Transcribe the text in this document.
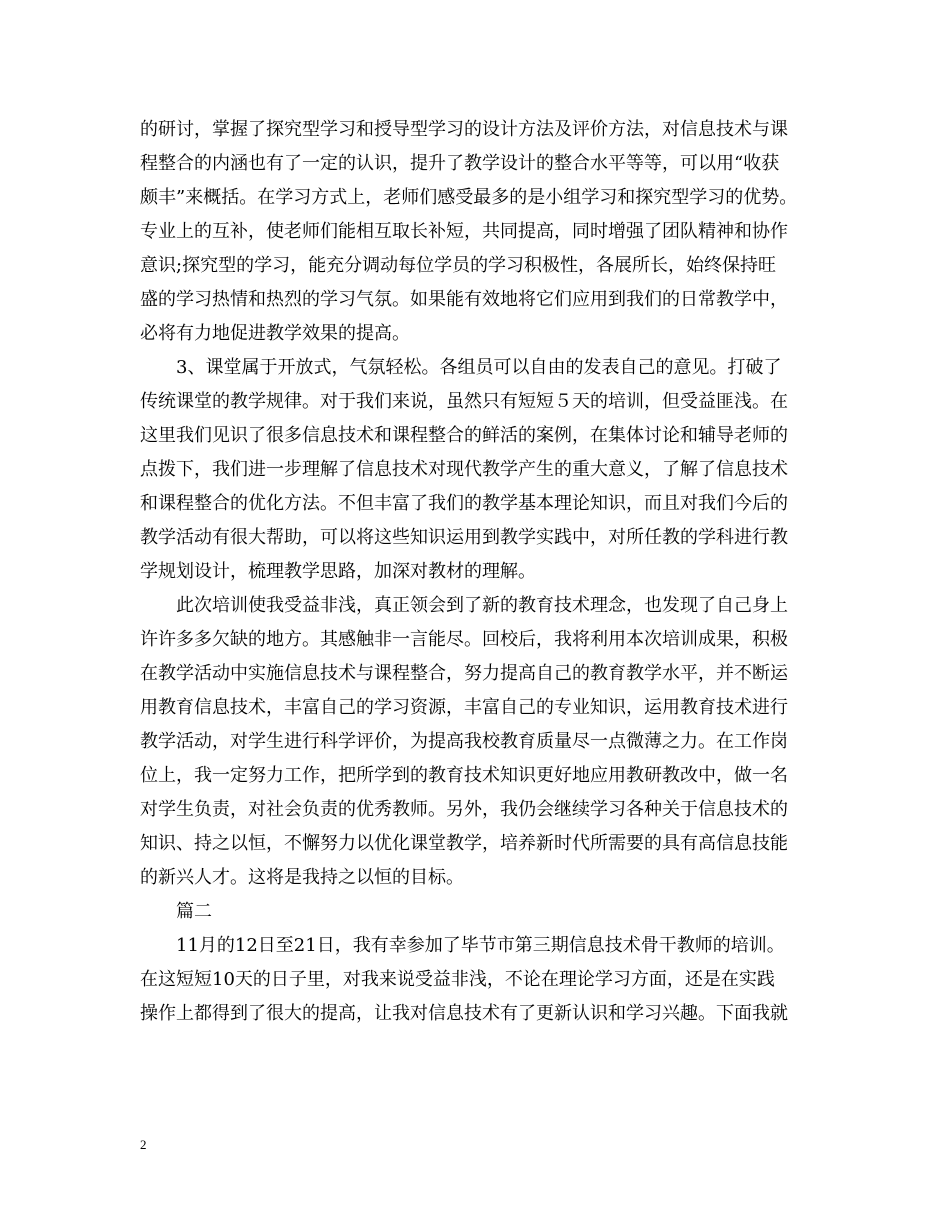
的研讨，掌握了探究型学习和授导型学习的设计方法及评价方法，对信息技术与课
程整合的内涵也有了一定的认识，提升了教学设计的整合水平等等，可以用“收获
颇丰”来概括。在学习方式上，老师们感受最多的是小组学习和探究型学习的优势。
专业上的互补，使老师们能相互取长补短，共同提高，同时增强了团队精神和协作
意识;探究型的学习，能充分调动每位学员的学习积极性，各展所长，始终保持旺
盛的学习热情和热烈的学习气氛。如果能有效地将它们应用到我们的日常教学中，
必将有力地促进教学效果的提高。
3、课堂属于开放式，气氛轻松。各组员可以自由的发表自己的意见。打破了
传统课堂的教学规律。对于我们来说，虽然只有短短５天的培训，但受益匪浅。在
这里我们见识了很多信息技术和课程整合的鲜活的案例，在集体讨论和辅导老师的
点拨下，我们进一步理解了信息技术对现代教学产生的重大意义，了解了信息技术
和课程整合的优化方法。不但丰富了我们的教学基本理论知识，而且对我们今后的
教学活动有很大帮助，可以将这些知识运用到教学实践中，对所任教的学科进行教
学规划设计，梳理教学思路，加深对教材的理解。
此次培训使我受益非浅，真正领会到了新的教育技术理念，也发现了自己身上
许许多多欠缺的地方。其感触非一言能尽。回校后，我将利用本次培训成果，积极
在教学活动中实施信息技术与课程整合，努力提高自己的教育教学水平，并不断运
用教育信息技术，丰富自己的学习资源，丰富自己的专业知识，运用教育技术进行
教学活动，对学生进行科学评价，为提高我校教育质量尽一点微薄之力。在工作岗
位上，我一定努力工作，把所学到的教育技术知识更好地应用教研教改中，做一名
对学生负责，对社会负责的优秀教师。另外，我仍会继续学习各种关于信息技术的
知识、持之以恒，不懈努力以优化课堂教学，培养新时代所需要的具有高信息技能
的新兴人才。这将是我持之以恒的目标。
篇二
11月的12日至21日，我有幸参加了毕节市第三期信息技术骨干教师的培训。
在这短短10天的日子里，对我来说受益非浅，不论在理论学习方面，还是在实践
操作上都得到了很大的提高，让我对信息技术有了更新认识和学习兴趣。下面我就
2
